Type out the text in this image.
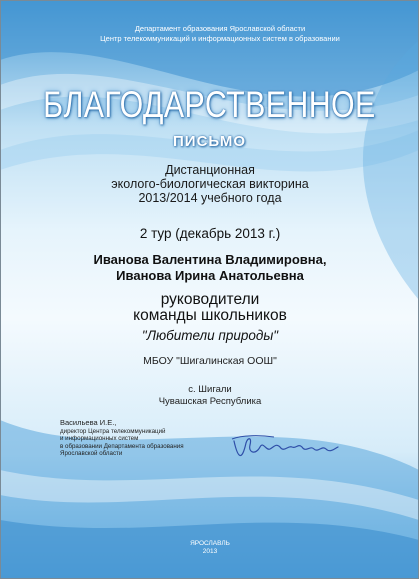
Департамент образования Ярославской области
Центр телекоммуникаций и информационных систем в образовании
БЛАГОДАРСТВЕННОЕ
ПИСЬМО
Дистанционная
эколого-биологическая викторина
2013/2014 учебного года
2 тур (декабрь 2013 г.)
Иванова Валентина Владимировна,
Иванова Ирина Анатольевна
руководители
команды школьников
"Любители природы"
МБОУ "Шигалинская ООШ"
с. Шигали
Чувашская Республика
Васильева И.Е.,
директор Центра телекоммуникаций
и информационных систем
в образовании Департамента образования
Ярославской области
ЯРОСЛАВЛЬ
2013
